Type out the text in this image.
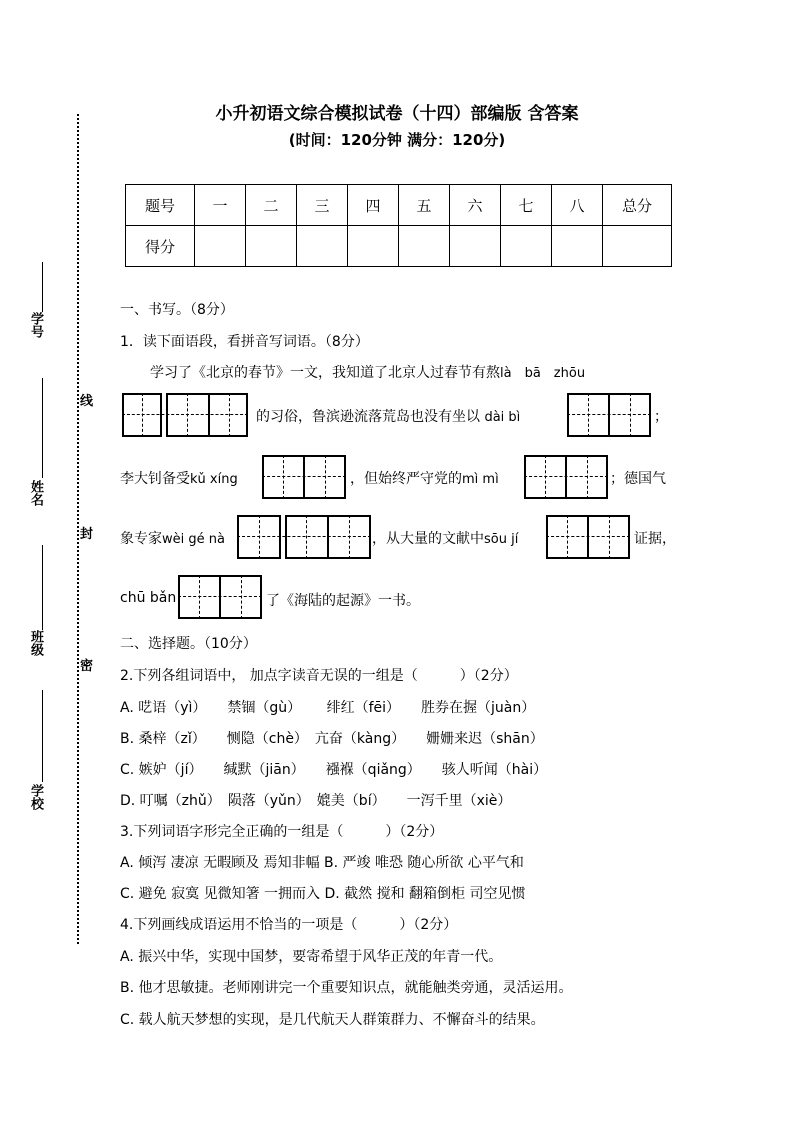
小升初语文综合模拟试卷（十四）部编版 含答案
(时间：120分钟 满分：120分)
题号	一	二	三	四	五	六	七	八	总分
得分									
学号
姓名
班级
学校
线
封
密
一、书写。（8分）
1．读下面语段，看拼音写词语。（8分）
学习了《北京的春节》一文，我知道了北京人过春节有熬là　bā　zhōu
的习俗，鲁滨逊流落荒岛也没有坐以 dài bì	；
李大钊备受kǔ xíng	，但始终严守党的mì mì	；德国气
象专家wèi gé nà	，从大量的文献中sōu jí	证据，
chū bǎn	了《海陆的起源》一书。
二、选择题。（10分）
2.下列各组词语中， 加点字读音无误的一组是（　　　）（2分）
A. 呓语（yì）　　禁锢（gù）　　 绯红（fēi）　　胜券在握（juàn）
B. 桑梓（zǐ）　　恻隐（chè）　亢奋（kàng）　　姗姗来迟（shān）
C. 嫉妒（jí）　　缄默（jiān）　　襁褓（qiǎng）　　骇人听闻（hài）
D. 叮嘱（zhǔ）　陨落（yǔn）　媲美（bí）　　一泻千里（xiè）
3.下列词语字形完全正确的一组是（　　　）（2分）
A. 倾泻 凄凉 无暇顾及 焉知非幅 B. 严竣 唯恐 随心所欲 心平气和
C. 避免 寂寞 见微知箸 一拥而入 D. 截然 搅和 翻箱倒柜 司空见惯
4.下列画线成语运用不恰当的一项是（　　　）（2分）
A. 振兴中华，实现中国梦，要寄希望于风华正茂的年青一代。
B. 他才思敏捷。老师刚讲完一个重要知识点，就能触类旁通，灵活运用。
C. 载人航天梦想的实现，是几代航天人群策群力、不懈奋斗的结果。
